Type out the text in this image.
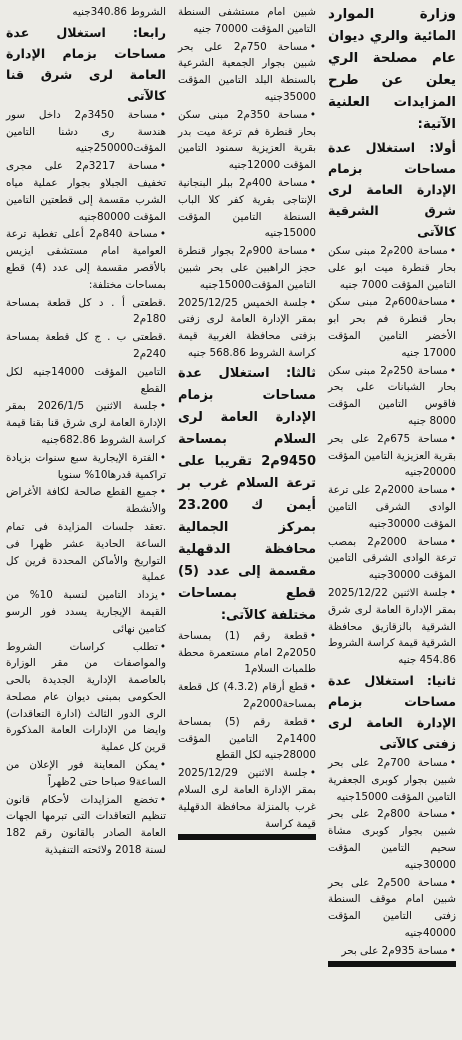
وزارة الموارد المائية والري ديوان عام مصلحة الري يعلن عن طرح المزايدات العلنية الآتية:

أولا: استغلال عدة مساحات بزمام الإدارة العامة لرى شرق الشرقية كالآتى

• مساحة 200م2 مبنى سكن بحار قنطرة ميت ابو على التامين المؤقت 7000 جنيه

• مساحة600م2 مبنى سكن بحار قنطرة فم بحر ابو الأخضر التامين المؤقت 17000 جنيه

• مساحة 250م2 مبنى سكن بحار الشبانات على بحر فاقوس التامين المؤقت 8000 جنيه

• مساحة 675م2 على بحر بقرية العزيزية التامين المؤقت 20000جنيه

• مساحة 2000م2 على ترعة الوادى الشرقى التامين المؤقت 30000جنيه

• مساحة 2000م2 بمصب ترعة الوادى الشرقى التامين المؤقت 30000جنيه

• جلسة الاثنين 2025/12/22 بمقر الإدارة العامة لرى شرق الشرقية بالزقازيق محافظة الشرقية قيمة كراسة الشروط 454.86 جنيه

ثانيا: استغلال عدة مساحات بزمام الإدارة العامة لرى زفتى كالآتى

• مساحة 700م2 على بحر شبين بجوار كوبرى الجعفرية التامين المؤقت 15000جنيه

• مساحة 800م2 على بحر شبين بجوار كوبرى مشاة سحيم التامين المؤقت 30000جنيه

• مساحة 500م2 على بحر شبين امام موقف السنطة زفتى التامين المؤقت 40000جنيه

• مساحة 935م2 على بحر

شبين امام مستشفى السنطة التامين المؤقت 70000 جنيه

• مساحة 750م2 على بحر شبين بجوار الجمعية الشرعية بالسنطة البلد التامين المؤقت 35000جنيه

• مساحة 350م2 مبنى سكن بحار قنطرة فم ترعة ميت بدر بقرية العزيزية سمنود التامين المؤقت 12000جنيه

• مساحة 400م2 ببلر البنجانية الإنتاجى بقرية كفر كلا الباب السنطة التامين المؤقت 15000جنيه

• مساحة 900م2 بجوار قنطرة حجز الراهبين على بحر شبين التامين المؤقت15000جنيه

• جلسة الخميس 2025/12/25 بمقر الإدارة العامة لرى زفتى بزفتى محافظة الغربية قيمة كراسة الشروط 568.86 جنيه

ثالثا: استغلال عدة مساحات بزمام الإدارة العامة لرى السلام بمساحة 9450م2 تقريبا على ترعة السلام غرب بر أيمن ك 23.200 بمركز الجمالية محافظة الدقهلية مقسمة إلى عدد (5) قطع بمساحات مختلفة كالآتى:

• قطعة رقم (1) بمساحة 2050م2 امام مستعمرة محطة طلمبات السلام1

• قطع أرقام (4.3.2) كل قطعة بمساحة2000م2

• قطعة رقم (5) بمساحة 1400م2 التامين المؤقت 28000جنيه لكل القطع

• جلسة الاثنين 2025/12/29 بمقر الإدارة العامة لرى السلام غرب بالمنزلة محافظة الدقهلية قيمة كراسة

الشروط 340.86جنيه

رابعا: استغلال عدة مساحات بزمام الإدارة العامة لرى شرق قنا كالآتى

• مساحة 3450م2 داخل سور هندسة رى دشنا التامين المؤقت250000جنيه

• مساحة 3217م2 على مجرى تخفيف الجبلاو بجوار عملية مياه الشرب مقسمة إلى قطعتين التامين المؤقت 80000جنيه

• مساحة 840م2 أعلى تغطية ترعة العوامية امام مستشفى ايزيس بالأقصر مقسمة إلى عدد (4) قطع بمساحات مختلفة:

.قطعتى أ . د كل قطعة بمساحة 180م2

.قطعتى ب . ج كل قطعة بمساحة 240م2

التامين المؤقت 14000جنيه لكل القطع

• جلسة الاثنين 2026/1/5 بمقر الإدارة العامة لرى شرق قنا بقنا قيمة كراسة الشروط 682.86جنيه

• الفترة الإيجارية سبع سنوات بزيادة تراكمية قدرها10% سنويا

• جميع القطع صالحة لكافة الأغراض والأنشطة

.تعقد جلسات المزايدة فى تمام الساعة الحادية عشر ظهرا فى التواريخ والأماكن المحددة قرين كل عملية

• يزداد التامين لنسبة 10% من القيمة الإيجارية يسدد فور الرسو كتامين نهائى

• تطلب كراسات الشروط والمواصفات من مقر الوزارة بالعاصمة الإدارية الجديدة بالحى الحكومى بمبنى ديوان عام مصلحة الرى الدور الثالث (ادارة التعاقدات) وايضا من الإدارات العامة المذكورة قرين كل عملية

• يمكن المعاينة فور الإعلان من الساعة9 صباحا حتى 2ظهراً

• تخضع المزايدات لأحكام قانون تنظيم التعاقدات التى تبرمها الجهات العامة الصادر بالقانون رقم 182 لسنة 2018 ولائحته التنفيذية
